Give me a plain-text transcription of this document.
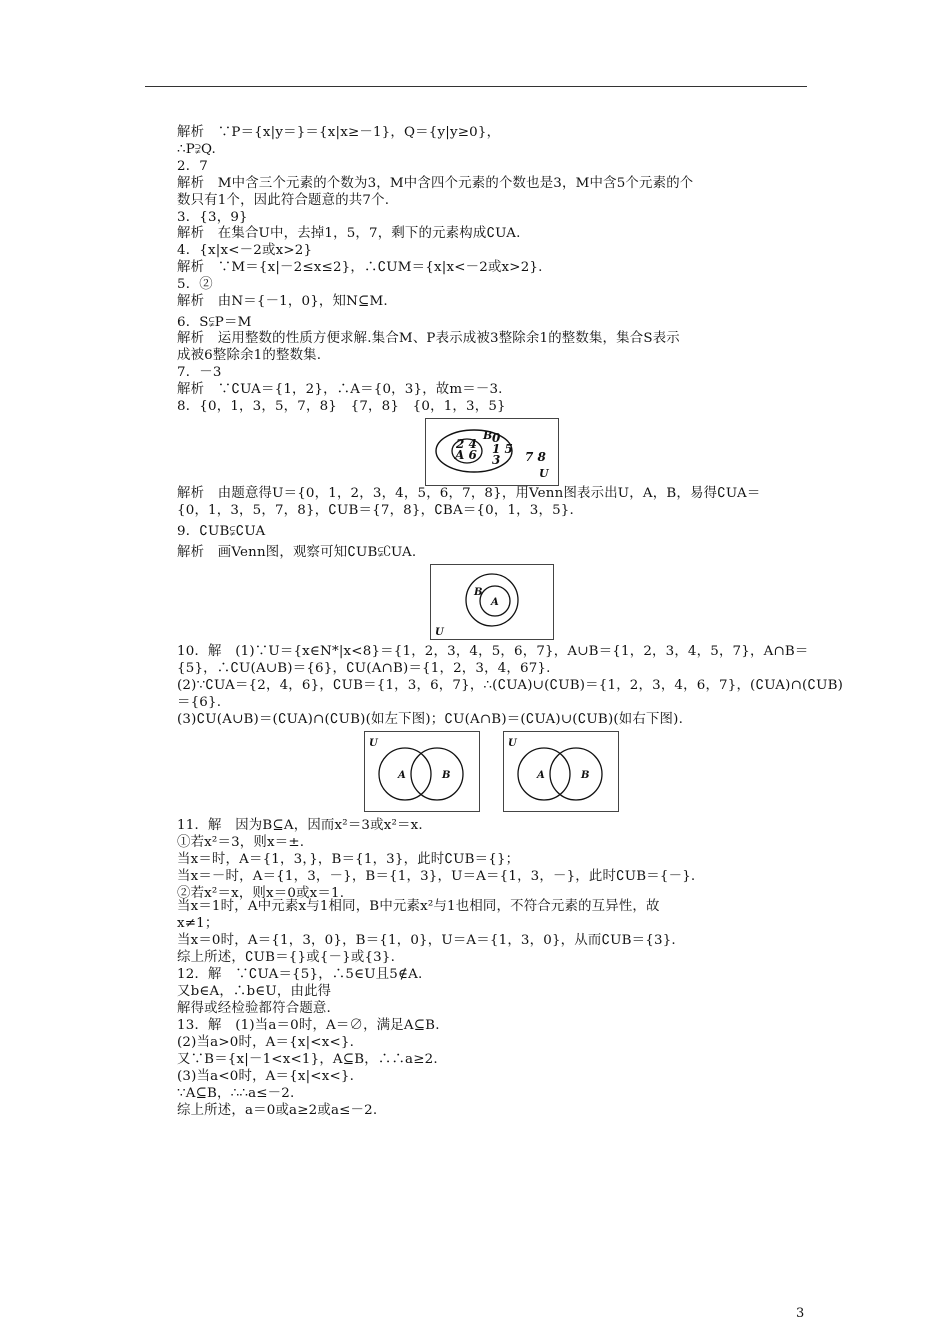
解析　∵P＝{x|y＝}＝{x|x≥－1}，Q＝{y|y≥0}，
∴P⫌Q.
2．7
解析　M中含三个元素的个数为3，M中含四个元素的个数也是3，M中含5个元素的个
数只有1个，因此符合题意的共7个.
3．{3，9}
解析　在集合U中，去掉1，5，7，剩下的元素构成∁UA.
4．{x|x<－2或x>2}
解析　∵M＝{x|－2≤x≤2}，∴∁UM＝{x|x<－2或x>2}.
5．②
解析　由N＝{－1，0}，知N⊆M.
6．S⫋P＝M
解析　运用整数的性质方便求解.集合M、P表示成被3整除余1的整数集，集合S表示
成被6整除余1的整数集.
7．－3
解析　∵∁UA＝{1，2}，∴A＝{0，3}，故m＝－3.
8．{0，1，3，5，7，8}　{7，8}　{0，1，3，5}
解析　由题意得U＝{0，1，2，3，4，5，6，7，8}，用Venn图表示出U，A，B，易得∁UA＝
{0，1，3，5，7，8}，∁UB＝{7，8}，∁BA＝{0，1，3，5}.
9．∁UB⫋∁UA
解析　画Venn图，观察可知∁UB⫋∁UA.
10．解　(1)∵U＝{x∈N*|x<8}＝{1，2，3，4，5，6，7}，A∪B＝{1，2，3，4，5，7}，A∩B＝
{5}，∴∁U(A∪B)＝{6}，∁U(A∩B)＝{1，2，3，4，67}.
(2)∵∁UA＝{2，4，6}，∁UB＝{1，3，6，7}，∴(∁UA)∪(∁UB)＝{1，2，3，4，6，7}，(∁UA)∩(∁UB)
＝{6}.
(3)∁U(A∪B)＝(∁UA)∩(∁UB)(如左下图)；∁U(A∩B)＝(∁UA)∪(∁UB)(如右下图).
11．解　因为B⊆A，因而x²＝3或x²＝x.
①若x²＝3，则x＝±.
当x＝时，A＝{1，3，}，B＝{1，3}，此时∁UB＝{}；
当x＝－时，A＝{1，3，－}，B＝{1，3}，U＝A＝{1，3，－}，此时∁UB＝{－}.
②若x²＝x，则x＝0或x＝1.
当x＝1时，A中元素x与1相同，B中元素x²与1也相同，不符合元素的互异性，故
x≠1；
当x＝0时，A＝{1，3，0}，B＝{1，0}，U＝A＝{1，3，0}，从而∁UB＝{3}.
综上所述，∁UB＝{}或{－}或{3}.
12．解　∵∁UA＝{5}，∴5∈U且5∉A.
又b∈A，∴b∈U，由此得
解得或经检验都符合题意.
13．解　(1)当a＝0时，A＝∅，满足A⊆B.
(2)当a>0时，A＝{x|<x<}.
又∵B＝{x|－1<x<1}，A⊆B，∴∴a≥2.
(3)当a<0时，A＝{x|<x<}.
∵A⊆B，∴∴a≤－2.
综上所述，a＝0或a≥2或a≤－2.
2 4
A 6
B 0
1 5
3 7 8
U
B
A
U
U
A	B
U
A	B
3
